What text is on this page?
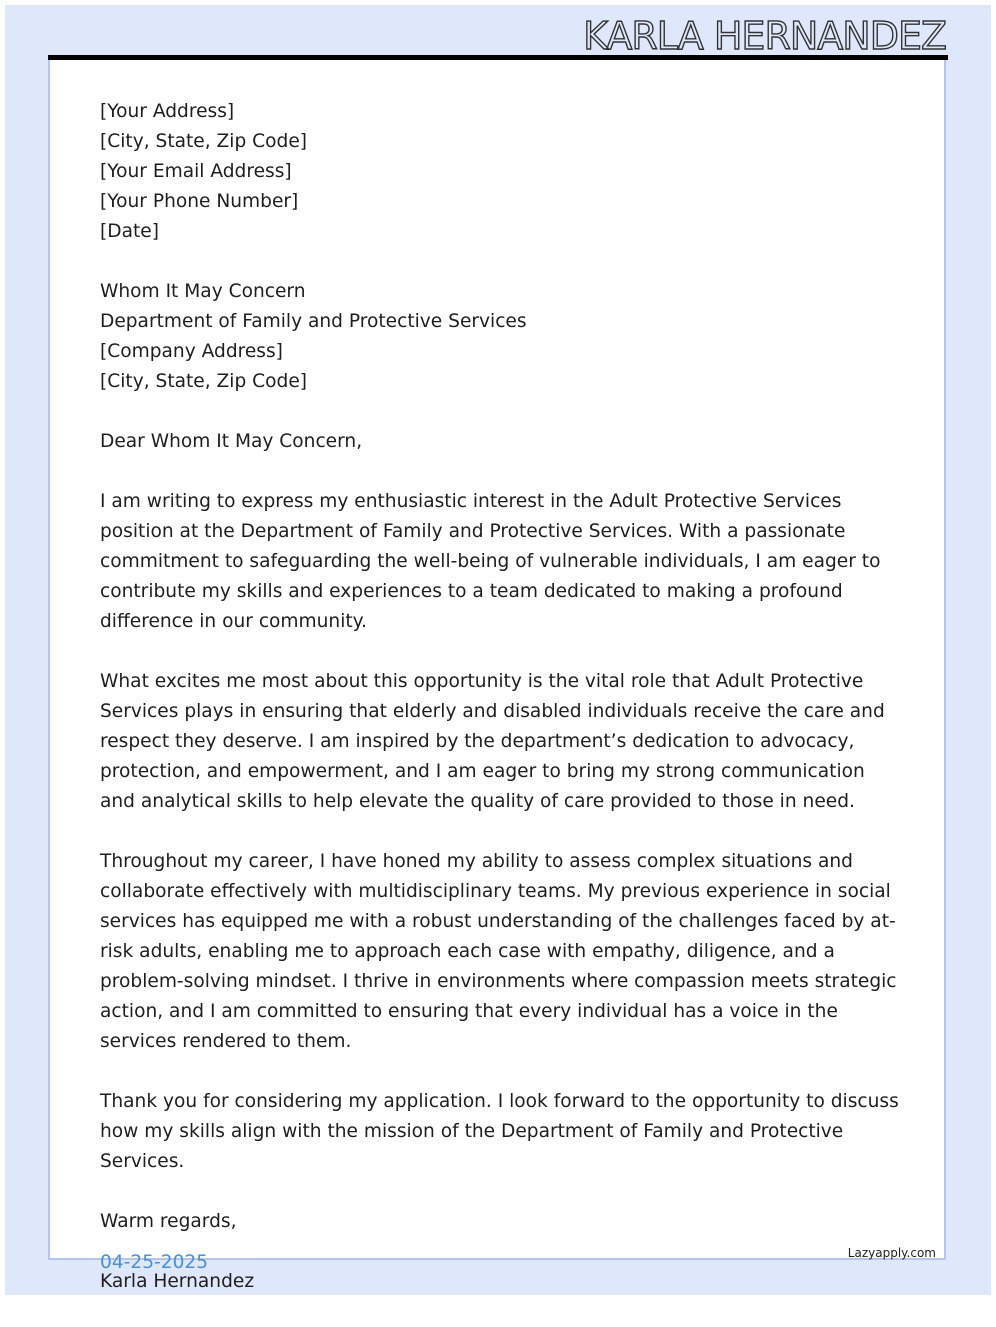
KARLA HERNANDEZ

[Your Address]
[City, State, Zip Code]
[Your Email Address]
[Your Phone Number]
[Date]

Whom It May Concern
Department of Family and Protective Services
[Company Address]
[City, State, Zip Code]

Dear Whom It May Concern,

I am writing to express my enthusiastic interest in the Adult Protective Services position at the Department of Family and Protective Services. With a passionate commitment to safeguarding the well-being of vulnerable individuals, I am eager to contribute my skills and experiences to a team dedicated to making a profound difference in our community.

What excites me most about this opportunity is the vital role that Adult Protective Services plays in ensuring that elderly and disabled individuals receive the care and respect they deserve. I am inspired by the department’s dedication to advocacy, protection, and empowerment, and I am eager to bring my strong communication and analytical skills to help elevate the quality of care provided to those in need.

Throughout my career, I have honed my ability to assess complex situations and collaborate effectively with multidisciplinary teams. My previous experience in social services has equipped me with a robust understanding of the challenges faced by at-risk adults, enabling me to approach each case with empathy, diligence, and a problem-solving mindset. I thrive in environments where compassion meets strategic action, and I am committed to ensuring that every individual has a voice in the services rendered to them.

Thank you for considering my application. I look forward to the opportunity to discuss how my skills align with the mission of the Department of Family and Protective Services.

Warm regards,

Karla Hernandez

04-25-2025	Lazyapply.com
